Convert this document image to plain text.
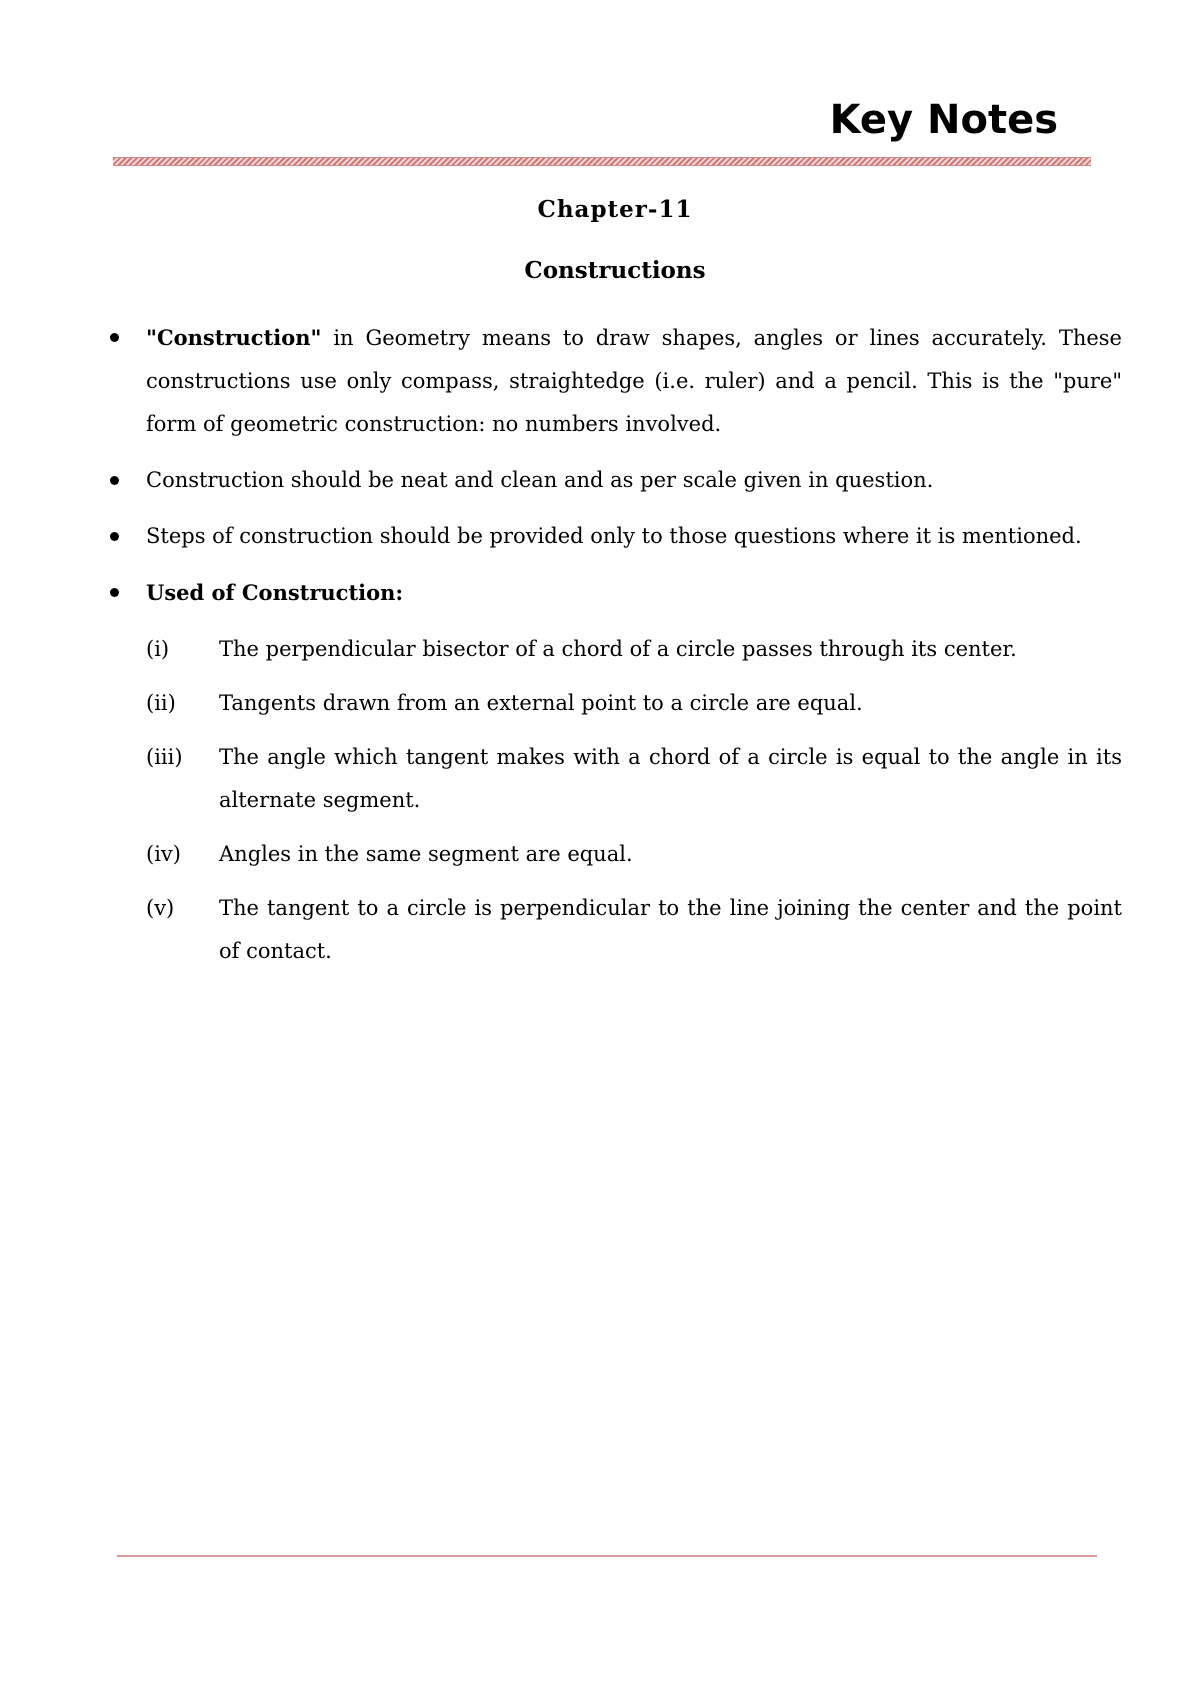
Key Notes
Chapter-11
Constructions
"Construction" in Geometry means to draw shapes, angles or lines accurately. These constructions use only compass, straightedge (i.e. ruler) and a pencil. This is the "pure" form of geometric construction: no numbers involved.
Construction should be neat and clean and as per scale given in question.
Steps of construction should be provided only to those questions where it is mentioned.
Used of Construction:
(i) The perpendicular bisector of a chord of a circle passes through its center.
(ii) Tangents drawn from an external point to a circle are equal.
(iii) The angle which tangent makes with a chord of a circle is equal to the angle in its alternate segment.
(iv) Angles in the same segment are equal.
(v) The tangent to a circle is perpendicular to the line joining the center and the point of contact.
